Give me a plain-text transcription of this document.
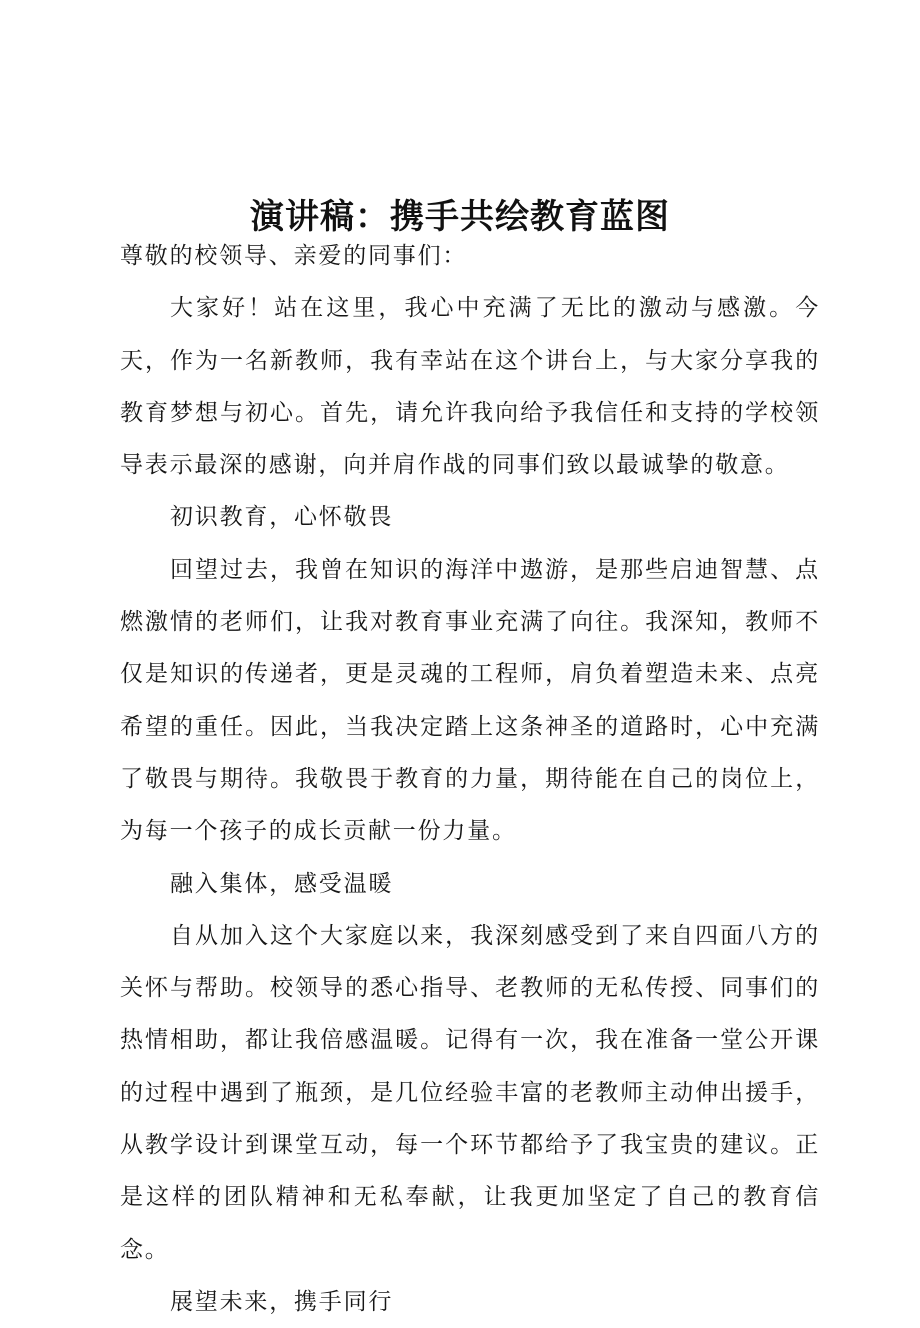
演讲稿：携手共绘教育蓝图

尊敬的校领导、亲爱的同事们：

大家好！站在这里，我心中充满了无比的激动与感激。今天，作为一名新教师，我有幸站在这个讲台上，与大家分享我的教育梦想与初心。首先，请允许我向给予我信任和支持的学校领导表示最深的感谢，向并肩作战的同事们致以最诚挚的敬意。

初识教育，心怀敬畏

回望过去，我曾在知识的海洋中遨游，是那些启迪智慧、点燃激情的老师们，让我对教育事业充满了向往。我深知，教师不仅是知识的传递者，更是灵魂的工程师，肩负着塑造未来、点亮希望的重任。因此，当我决定踏上这条神圣的道路时，心中充满了敬畏与期待。我敬畏于教育的力量，期待能在自己的岗位上，为每一个孩子的成长贡献一份力量。

融入集体，感受温暖

自从加入这个大家庭以来，我深刻感受到了来自四面八方的关怀与帮助。校领导的悉心指导、老教师的无私传授、同事们的热情相助，都让我倍感温暖。记得有一次，我在准备一堂公开课的过程中遇到了瓶颈，是几位经验丰富的老教师主动伸出援手，从教学设计到课堂互动，每一个环节都给予了我宝贵的建议。正是这样的团队精神和无私奉献，让我更加坚定了自己的教育信念。

展望未来，携手同行
